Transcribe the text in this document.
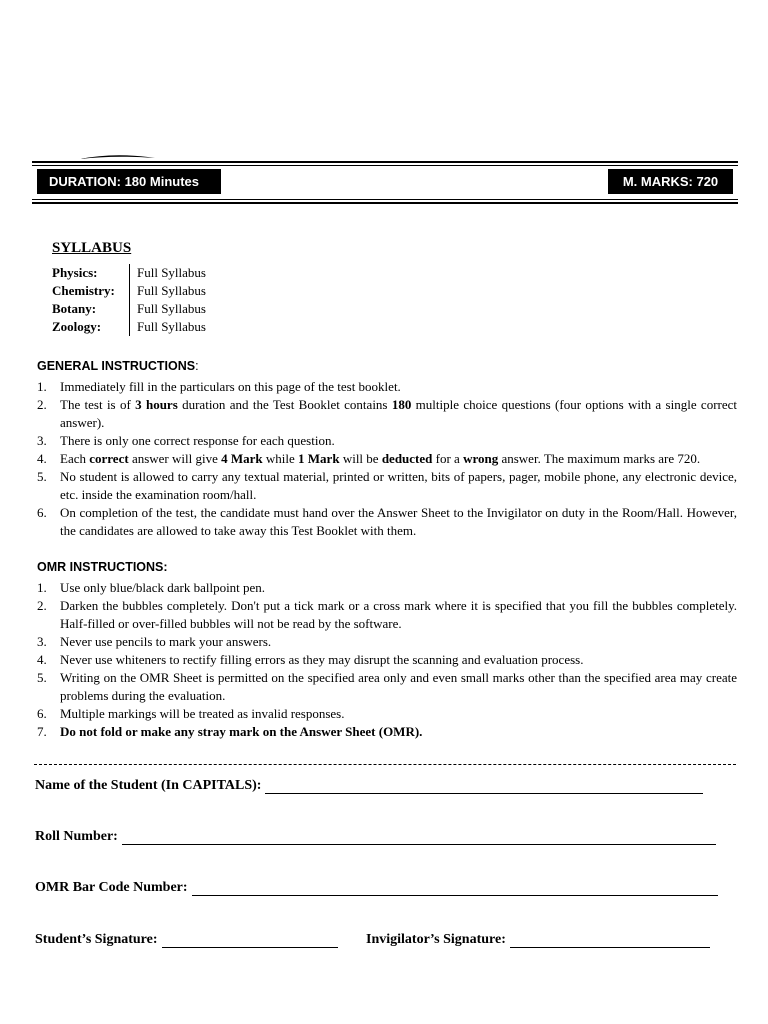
DURATION: 180 Minutes	M. MARKS: 720
SYLLABUS
Physics:	Full Syllabus
Chemistry:	Full Syllabus
Botany:	Full Syllabus
Zoology:	Full Syllabus
GENERAL INSTRUCTIONS:
1.	Immediately fill in the particulars on this page of the test booklet.
2.	The test is of 3 hours duration and the Test Booklet contains 180 multiple choice questions (four options with a single correct answer).
3.	There is only one correct response for each question.
4.	Each correct answer will give 4 Mark while 1 Mark will be deducted for a wrong answer. The maximum marks are 720.
5.	No student is allowed to carry any textual material, printed or written, bits of papers, pager, mobile phone, any electronic device, etc. inside the examination room/hall.
6.	On completion of the test, the candidate must hand over the Answer Sheet to the Invigilator on duty in the Room/Hall. However, the candidates are allowed to take away this Test Booklet with them.
OMR INSTRUCTIONS:
1.	Use only blue/black dark ballpoint pen.
2.	Darken the bubbles completely. Don't put a tick mark or a cross mark where it is specified that you fill the bubbles completely. Half-filled or over-filled bubbles will not be read by the software.
3.	Never use pencils to mark your answers.
4.	Never use whiteners to rectify filling errors as they may disrupt the scanning and evaluation process.
5.	Writing on the OMR Sheet is permitted on the specified area only and even small marks other than the specified area may create problems during the evaluation.
6.	Multiple markings will be treated as invalid responses.
7.	Do not fold or make any stray mark on the Answer Sheet (OMR).
Name of the Student (In CAPITALS):
Roll Number:
OMR Bar Code Number:
Student’s Signature:	Invigilator’s Signature:
